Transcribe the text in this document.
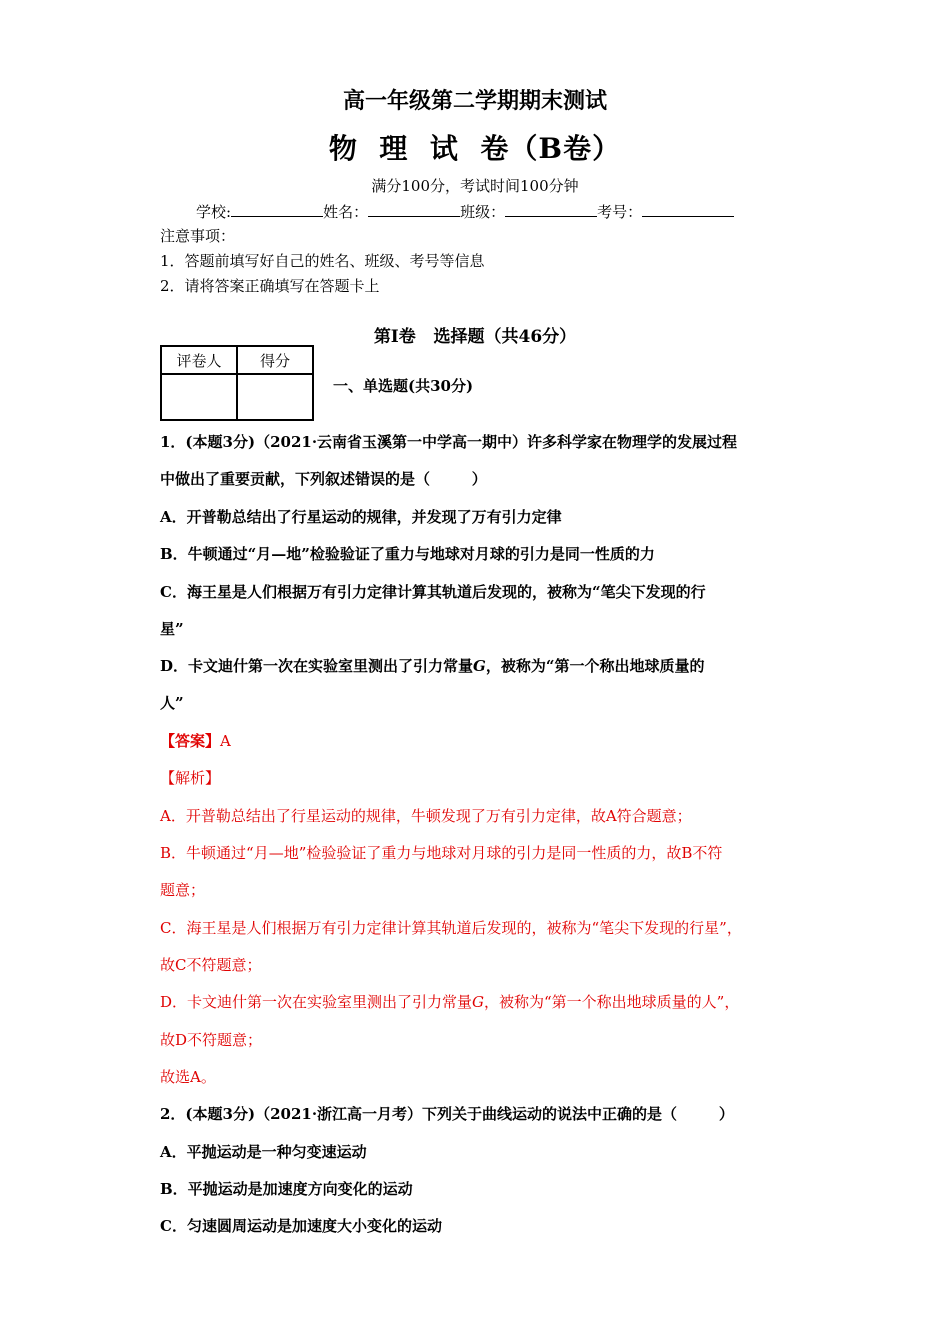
高一年级第二学期期末测试
物  理  试  卷（B卷）
满分100分，考试时间100分钟
学校:	姓名：	班级：	考号：
注意事项：
1．答题前填写好自己的姓名、班级、考号等信息
2．请将答案正确填写在答题卡上
第I卷   选择题（共46分）
评卷人	得分

一、单选题(共30分)
1．(本题3分)（2021·云南省玉溪第一中学高一期中）许多科学家在物理学的发展过程
中做出了重要贡献，下列叙述错误的是（        ）
A．开普勒总结出了行星运动的规律，并发现了万有引力定律
B．牛顿通过“月—地”检验验证了重力与地球对月球的引力是同一性质的力
C．海王星是人们根据万有引力定律计算其轨道后发现的，被称为“笔尖下发现的行
星”
D．卡文迪什第一次在实验室里测出了引力常量G，被称为“第一个称出地球质量的
人”
【答案】A
【解析】
A．开普勒总结出了行星运动的规律，牛顿发现了万有引力定律，故A符合题意；
B．牛顿通过“月—地”检验验证了重力与地球对月球的引力是同一性质的力，故B不符
题意；
C．海王星是人们根据万有引力定律计算其轨道后发现的，被称为“笔尖下发现的行星”，
故C不符题意；
D．卡文迪什第一次在实验室里测出了引力常量G，被称为“第一个称出地球质量的人”，
故D不符题意；
故选A。
2．(本题3分)（2021·浙江高一月考）下列关于曲线运动的说法中正确的是（        ）
A．平抛运动是一种匀变速运动
B．平抛运动是加速度方向变化的运动
C．匀速圆周运动是加速度大小变化的运动
